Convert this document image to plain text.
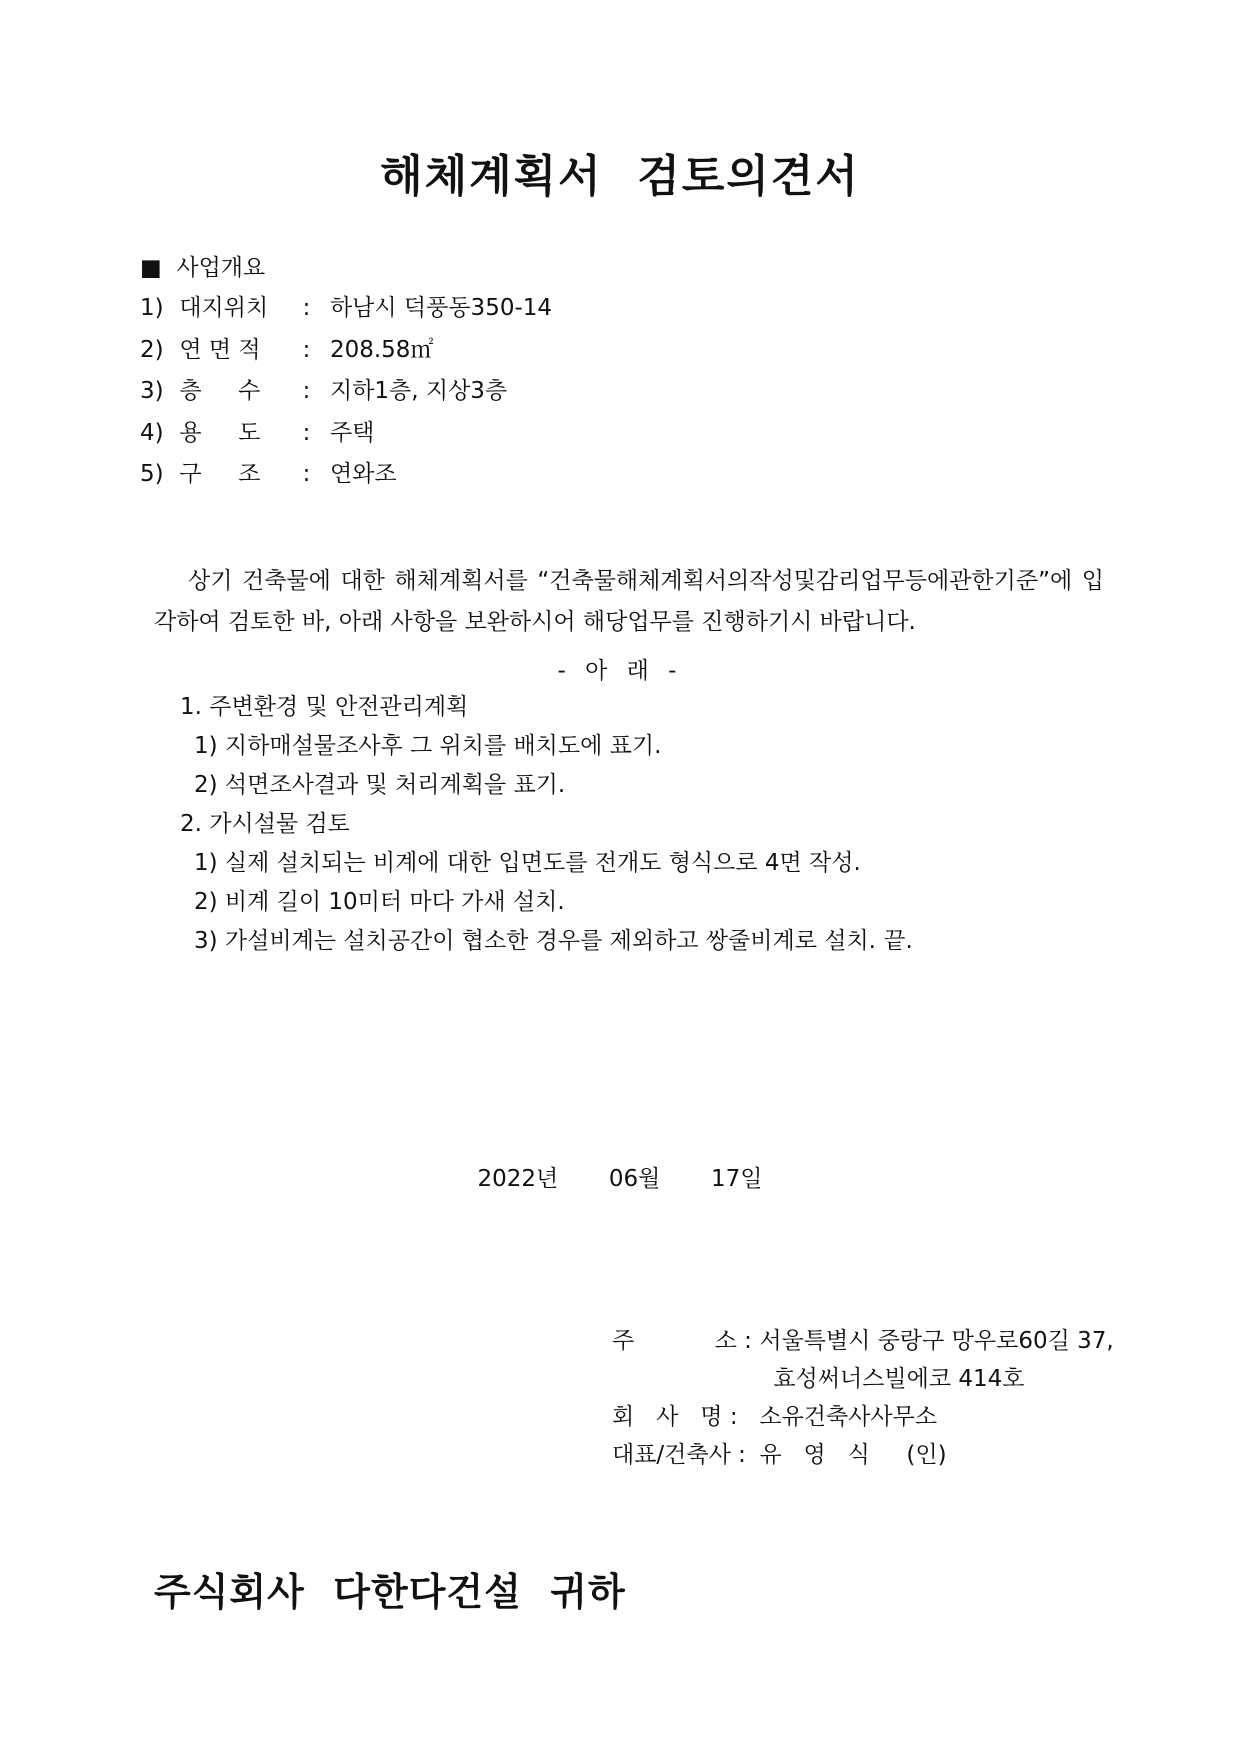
해체계획서  검토의견서
■  사업개요
1) 대지위치 : 하남시 덕풍동350-14
2) 연 면 적 : 208.58㎡
3) 층     수 : 지하1층, 지상3층
4) 용     도 : 주택
5) 구     조 : 연와조

상기 건축물에 대한 해체계획서를 “건축물해체계획서의작성및감리업무등에관한기준”에 입각하여 검토한 바, 아래 사항을 보완하시어 해당업무를 진행하기시 바랍니다.

- 아 래 -
1. 주변환경 및 안전관리계획
1) 지하매설물조사후 그 위치를 배치도에 표기.
2) 석면조사결과 및 처리계획을 표기.
2. 가시설물 검토
1) 실제 설치되는 비계에 대한 입면도를 전개도 형식으로 4면 작성.
2) 비계 길이 10미터 마다 가새 설치.
3) 가설비계는 설치공간이 협소한 경우를 제외하고 쌍줄비계로 설치. 끝.
2022년  06월  17일
주           소 : 서울특별시 중랑구 망우로60길 37,
효성써너스빌에코 414호
회   사   명 : 소유건축사사무소
대표/건축사 : 유   영   식     (인)
주식회사  다한다건설  귀하
